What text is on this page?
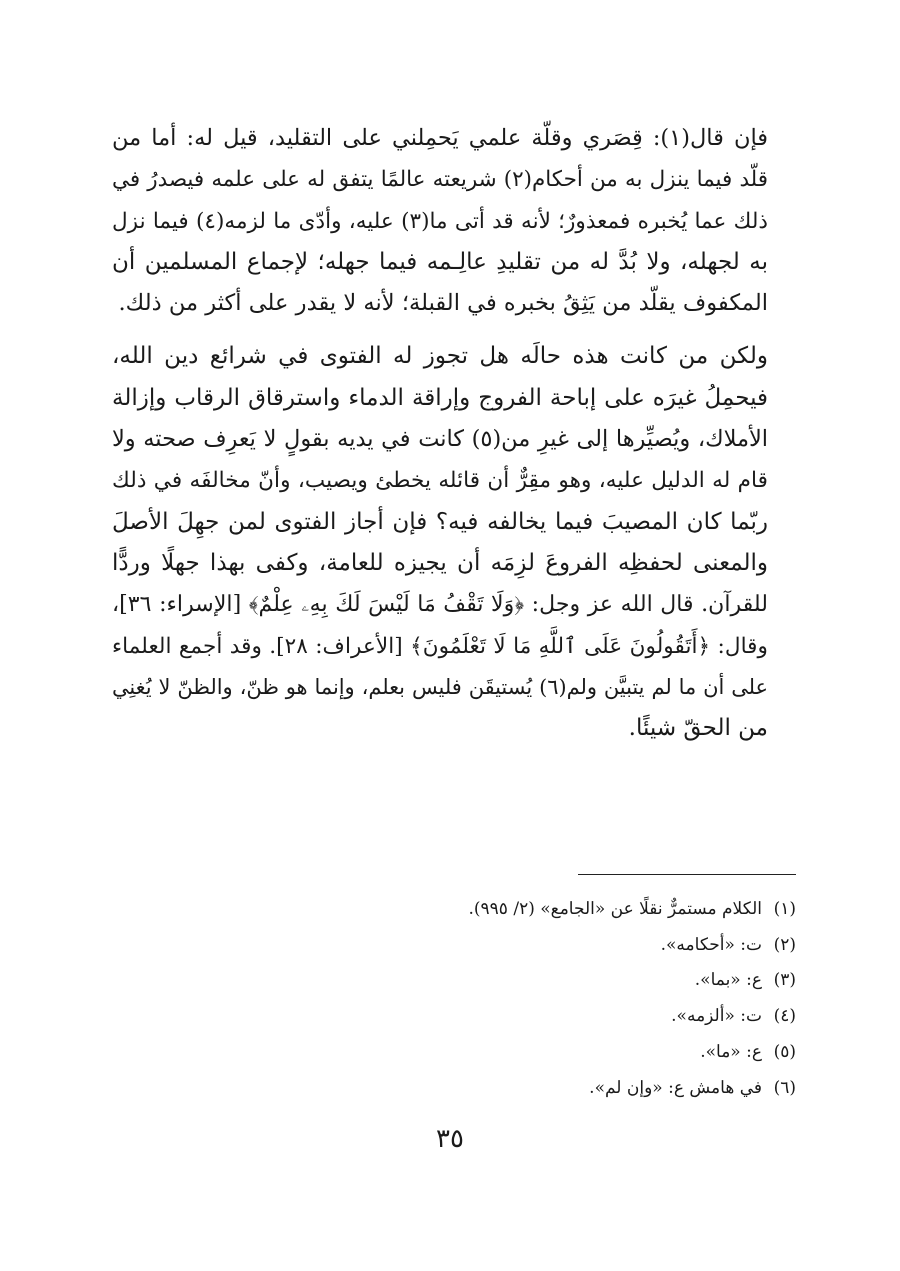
فإن قال(١): قِصَري وقلّة علمي يَحمِلني على التقليد، قيل له: أما من
قلّد فيما ينزل به من أحكام(٢) شريعته عالمًا يتفق له على علمه فيصدرُ في
ذلك عما يُخبره فمعذورٌ؛ لأنه قد أتى ما(٣) عليه، وأدّى ما لزمه(٤) فيما نزل
به لجهله، ولا بُدَّ له من تقليدِ عالِـمه فيما جهله؛ لإجماع المسلمين أن
المكفوف يقلّد من يَثِقُ بخبره في القبلة؛ لأنه لا يقدر على أكثر من ذلك.

ولكن من كانت هذه حالَه هل تجوز له الفتوى في شرائع دين الله،
فيحمِلُ غيرَه على إباحة الفروج وإراقة الدماء واسترقاق الرقاب وإزالة
الأملاك، ويُصيِّرها إلى غيرِ من(٥) كانت في يديه بقولٍ لا يَعرِف صحته ولا
قام له الدليل عليه، وهو مقِرٌّ أن قائله يخطئ ويصيب، وأنّ مخالفَه في ذلك
ربّما كان المصيبَ فيما يخالفه فيه؟ فإن أجاز الفتوى لمن جهِلَ الأصلَ
والمعنى لحفظِه الفروعَ لزِمَه أن يجيزه للعامة، وكفى بهذا جهلًا وردًّا
للقرآن. قال الله عز وجل: ﴿وَلَا تَقْفُ مَا لَيْسَ لَكَ بِهِۦ عِلْمٌ﴾ [الإسراء: ٣٦]،
وقال: ﴿أَتَقُولُونَ عَلَى ٱللَّهِ مَا لَا تَعْلَمُونَ﴾ [الأعراف: ٢٨]. وقد أجمع العلماء
على أن ما لم يتبيَّن ولم(٦) يُستيقَن فليس بعلم، وإنما هو ظنّ، والظنّ لا يُغنِي
من الحقّ شيئًا.

(١)الكلام مستمرٌّ نقلًا عن «الجامع» (٢/ ٩٩٥).
(٢)ت: «أحكامه».
(٣)ع: «بما».
(٤)ت: «ألزمه».
(٥)ع: «ما».
(٦)في هامش ع: «وإن لم».
٣٥
